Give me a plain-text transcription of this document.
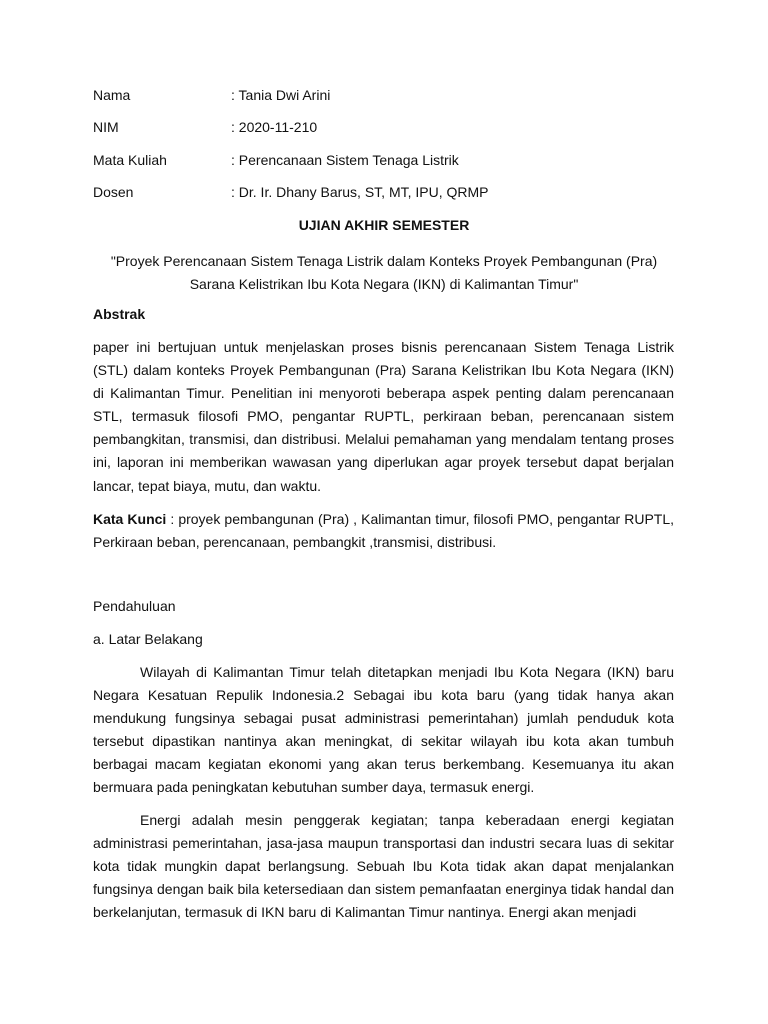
Nama	: Tania Dwi Arini
NIM	: 2020-11-210
Mata Kuliah	: Perencanaan Sistem Tenaga Listrik
Dosen	: Dr. Ir. Dhany Barus, ST, MT, IPU, QRMP
UJIAN AKHIR SEMESTER
"Proyek Perencanaan Sistem Tenaga Listrik dalam Konteks Proyek Pembangunan (Pra) Sarana Kelistrikan Ibu Kota Negara (IKN) di Kalimantan Timur"
Abstrak
paper ini bertujuan untuk menjelaskan proses bisnis perencanaan Sistem Tenaga Listrik (STL) dalam konteks Proyek Pembangunan (Pra) Sarana Kelistrikan Ibu Kota Negara (IKN) di Kalimantan Timur. Penelitian ini menyoroti beberapa aspek penting dalam perencanaan STL, termasuk filosofi PMO, pengantar RUPTL, perkiraan beban, perencanaan sistem pembangkitan, transmisi, dan distribusi. Melalui pemahaman yang mendalam tentang proses ini, laporan ini memberikan wawasan yang diperlukan agar proyek tersebut dapat berjalan lancar, tepat biaya, mutu, dan waktu.
Kata Kunci : proyek pembangunan (Pra) , Kalimantan timur, filosofi PMO, pengantar RUPTL, Perkiraan beban, perencanaan, pembangkit ,transmisi, distribusi.
Pendahuluan
a. Latar Belakang
Wilayah di Kalimantan Timur telah ditetapkan menjadi Ibu Kota Negara (IKN) baru Negara Kesatuan Repulik Indonesia.2 Sebagai ibu kota baru (yang tidak hanya akan mendukung fungsinya sebagai pusat administrasi pemerintahan) jumlah penduduk kota tersebut dipastikan nantinya akan meningkat, di sekitar wilayah ibu kota akan tumbuh berbagai macam kegiatan ekonomi yang akan terus berkembang. Kesemuanya itu akan bermuara pada peningkatan kebutuhan sumber daya, termasuk energi.
Energi adalah mesin penggerak kegiatan; tanpa keberadaan energi kegiatan administrasi pemerintahan, jasa-jasa maupun transportasi dan industri secara luas di sekitar kota tidak mungkin dapat berlangsung. Sebuah Ibu Kota tidak akan dapat menjalankan fungsinya dengan baik bila ketersediaan dan sistem pemanfaatan energinya tidak handal dan berkelanjutan, termasuk di IKN baru di Kalimantan Timur nantinya. Energi akan menjadi
